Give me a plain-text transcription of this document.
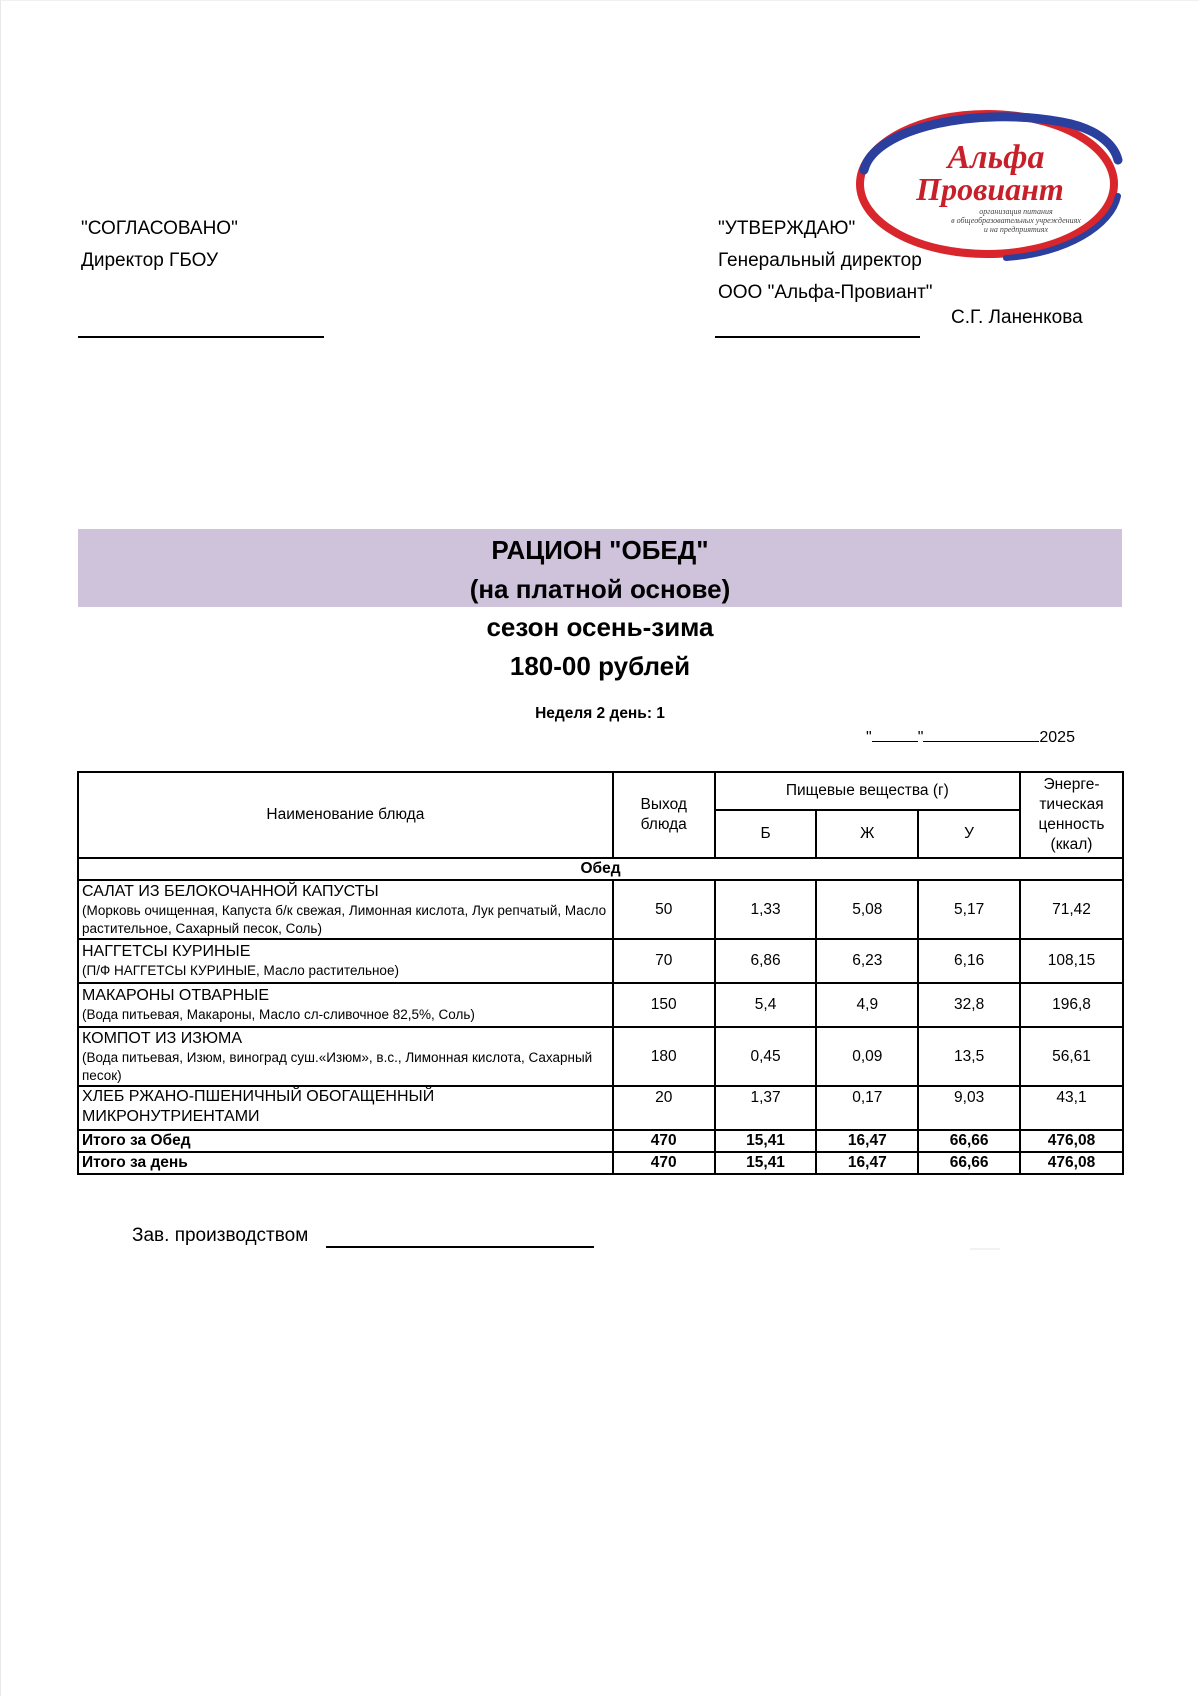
"СОГЛАСОВАНО"
Директор ГБОУ
"УТВЕРЖДАЮ"
Генеральный директор
ООО "Альфа-Провиант"
С.Г. Ланенкова
Альфа
Провиант
организация питания
в общеобразовательных учреждениях
и на предприятиях
РАЦИОН "ОБЕД"
(на платной основе)
сезон осень-зима
180-00 рублей
Неделя 2 день: 1
"	"	2025
Наименование блюда	Выход блюда	Пищевые вещества (г)			Энерге-тическая ценность (ккал)
		Б	Ж	У	
Обед					

САЛАТ ИЗ БЕЛОКОЧАННОЙ КАПУСТЫ
(Морковь очищенная, Капуста б/к свежая, Лимонная кислота, Лук репчатый, Масло растительное, Сахарный песок, Соль)	50	1,33	5,08	5,17	71,42

НАГГЕТСЫ КУРИНЫЕ
(П/Ф НАГГЕТСЫ КУРИНЫЕ, Масло растительное)	70	6,86	6,23	6,16	108,15

МАКАРОНЫ ОТВАРНЫЕ
(Вода питьевая, Макароны, Масло сл-сливочное 82,5%, Соль)	150	5,4	4,9	32,8	196,8

КОМПОТ ИЗ ИЗЮМА
(Вода питьевая, Изюм, виноград суш.«Изюм», в.с., Лимонная кислота, Сахарный песок)	180	0,45	0,09	13,5	56,61

ХЛЕБ РЖАНО-ПШЕНИЧНЫЙ ОБОГАЩЕННЫЙ МИКРОНУТРИЕНТАМИ	20	1,37	0,17	9,03	43,1
Итого за Обед	470	15,41	16,47	66,66	476,08
Итого за день	470	15,41	16,47	66,66	476,08
Зав. производством
